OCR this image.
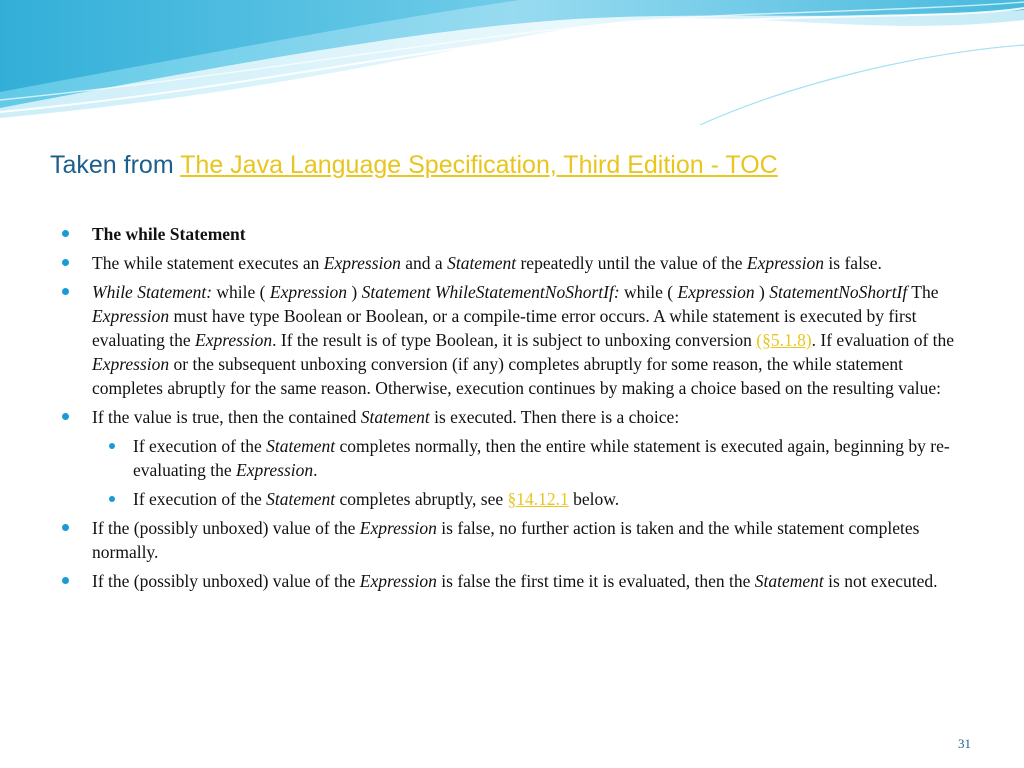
Taken from The Java Language Specification, Third Edition - TOC
The while Statement
The while statement executes an Expression and a Statement repeatedly until the value of the Expression is false.
While Statement: while ( Expression ) Statement WhileStatementNoShortIf: while ( Expression ) StatementNoShortIf The Expression must have type Boolean or Boolean, or a compile-time error occurs. A while statement is executed by first evaluating the Expression. If the result is of type Boolean, it is subject to unboxing conversion (§5.1.8). If evaluation of the Expression or the subsequent unboxing conversion (if any) completes abruptly for some reason, the while statement completes abruptly for the same reason. Otherwise, execution continues by making a choice based on the resulting value:
If the value is true, then the contained Statement is executed. Then there is a choice:
If execution of the Statement completes normally, then the entire while statement is executed again, beginning by re-evaluating the Expression.
If execution of the Statement completes abruptly, see §14.12.1 below.
If the (possibly unboxed) value of the Expression is false, no further action is taken and the while statement completes normally.
If the (possibly unboxed) value of the Expression is false the first time it is evaluated, then the Statement is not executed.
31
